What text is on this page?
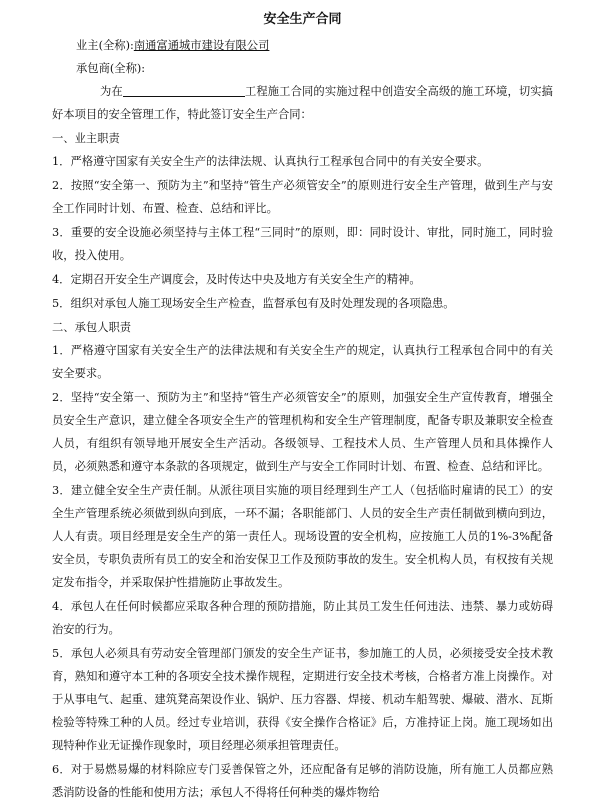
安全生产合同

业主(全称):南通富通城市建设有限公司

承包商(全称):

为在	工程施工合同的实施过程中创造安全高级的施工环境，切实搞好本项目的安全管理工作，特此签订安全生产合同：

一、业主职责

1．严格遵守国家有关安全生产的法律法规、认真执行工程承包合同中的有关安全要求。

2．按照“安全第一、预防为主”和坚持“管生产必须管安全”的原则进行安全生产管理，做到生产与安全工作同时计划、布置、检查、总结和评比。

3．重要的安全设施必须坚持与主体工程“三同时”的原则，即：同时设计、审批，同时施工，同时验收，投入使用。

4．定期召开安全生产调度会，及时传达中央及地方有关安全生产的精神。

5．组织对承包人施工现场安全生产检查，监督承包有及时处理发现的各项隐患。

二、承包人职责

1．严格遵守国家有关安全生产的法律法规和有关安全生产的规定，认真执行工程承包合同中的有关安全要求。

2．坚持“安全第一、预防为主”和坚持“管生产必须管安全”的原则，加强安全生产宣传教育，增强全员安全生产意识，建立健全各项安全生产的管理机构和安全生产管理制度，配备专职及兼职安全检查人员，有组织有领导地开展安全生产活动。各级领导、工程技术人员、生产管理人员和具体操作人员，必须熟悉和遵守本条款的各项规定，做到生产与安全工作同时计划、布置、检查、总结和评比。

3．建立健全安全生产责任制。从派往项目实施的项目经理到生产工人（包括临时雇请的民工）的安全生产管理系统必须做到纵向到底，一环不漏；各职能部门、人员的安全生产责任制做到横向到边，人人有责。项目经理是安全生产的第一责任人。现场设置的安全机构，应按施工人员的1%-3%配备安全员，专职负责所有员工的安全和治安保卫工作及预防事故的发生。安全机构人员，有权按有关规定发布指令，并采取保护性措施防止事故发生。

4．承包人在任何时候都应采取各种合理的预防措施，防止其员工发生任何违法、违禁、暴力或妨碍治安的行为。

5．承包人必须具有劳动安全管理部门颁发的安全生产证书，参加施工的人员，必须接受安全技术教育，熟知和遵守本工种的各项安全技术操作规程，定期进行安全技术考核，合格者方准上岗操作。对于从事电气、起重、建筑凳高架设作业、锅炉、压力容器、焊接、机动车船驾驶、爆破、潜水、瓦斯检验等特殊工种的人员。经过专业培训，获得《安全操作合格证》后，方准持证上岗。施工现场如出现特种作业无证操作现象时，项目经理必须承担管理责任。

6．对于易燃易爆的材料除应专门妥善保管之外，还应配备有足够的消防设施，所有施工人员都应熟悉消防设备的性能和使用方法；承包人不得将任何种类的爆炸物给
